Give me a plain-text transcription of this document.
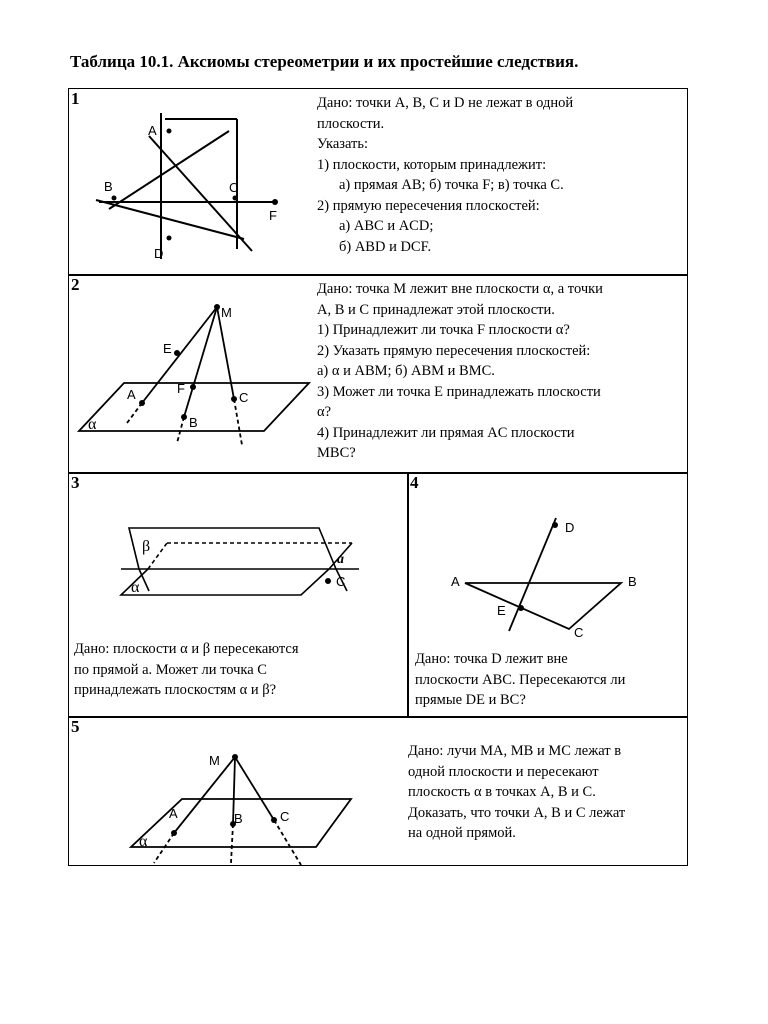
Таблица 10.1. Аксиомы стереометрии и их простейшие следствия.
1
A
B	C
D
F

Дано: точки A, B, C и D не лежат в одной

плоскости.

Указать:

1) плоскости, которым принадлежит:

а) прямая AB; б) точка F; в) точка C.

2) прямую пересечения плоскостей:

а) ABC и ACD;

б) ABD и DCF.

2
M
E
A	F
C
B
α

Дано: точка M лежит вне плоскости α, а точки

A, B и C принадлежат этой плоскости.

1) Принадлежит ли точка F плоскости α?

2) Указать прямую пересечения плоскостей:

а) α и ABM; б) ABM и BMC.

3) Может ли точка E принадлежать плоскости

α?

4) Принадлежит ли прямая AC плоскости

MBC?

3
β
a
C
α

Дано: плоскости α и β пересекаются

по прямой a. Может ли точка C

принадлежать плоскостям α и β?

4
D
A	B
E
C

Дано: точка D лежит вне

плоскости ABC. Пересекаются ли

прямые DE и BC?

5
M
A	B	C
α

Дано: лучи MA, MB и MC лежат в

одной плоскости и пересекают

плоскость α в точках A, B и C.

Доказать, что точки A, B и C лежат

на одной прямой.
